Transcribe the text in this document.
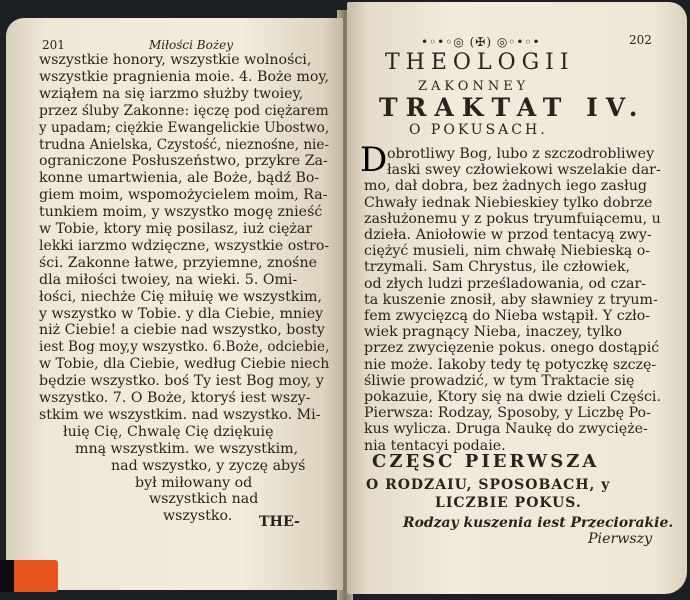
201	Miłości Bożey
wszystkie honory, wszystkie wolności,
wszystkie pragnienia moie. 4. Boże moy,
wziąłem na się iarzmo służby twoiey,
przez śluby Zakonne: ięczę pod ciężarem
y upadam; ciężkie Ewangelickie Ubostwo,
trudna Anielska, Czystość, nieznośne, nie-
ograniczone Posłuszeństwo, przykre Za-
konne umartwienia, ale Boże, bądź Bo-
giem moim, wspomożycielem moim, Ra-
tunkiem moim, y wszystko mogę znieść
w Tobie, ktory mię posilasz, iuż ciężar
lekki iarzmo wdzięczne, wszystkie ostro-
ści. Zakonne łatwe, przyiemne, znośne
dla miłości twoiey, na wieki. 5. Omi-
łości, niechże Cię miłuię we wszystkim,
y wszystko w Tobie. y dla Ciebie, mniey
niż Ciebie! a ciebie nad wszystko, bosty
iest Bog moy,y wszystko. 6.Boże, odciebie,
w Tobie, dla Ciebie, według Ciebie niech
będzie wszystko. boś Ty iest Bog moy, y
wszystko. 7. O Boże, ktoryś iest wszy-
stkim we wszystkim. nad wszystko. Mi-
łuię Cię, Chwalę Cię dziękuię
mną wszystkim. we wszystkim,
nad wszystko, y zyczę abyś
był miłowany od
wszystkich nad
wszystko. THE-
•◦•◦◎ (✠) ◎◦•◦•	202
THEOLOGII
ZAKONNEY
TRAKTAT IV.
O POKUSACH.
obrotliwy Bog, lubo z szczodrobliwey
łaski swey człowiekowi wszelakie dar-
mo, dał dobra, bez żadnych iego zasług
Chwały iednak Niebieskiey tylko dobrze
zasłużonemu y z pokus tryumfuiącemu, u
dzieła. Aniołowie w przod tentacyą zwy-
ciężyć musieli, nim chwałę Niebieską o-
trzymali. Sam Chrystus, ile człowiek,
od złych ludzi prześladowania, od czar-
ta kuszenie znosił, aby sławniey z tryum-
fem zwycięzcą do Nieba wstąpił. Y czło-
wiek pragnący Nieba, inaczey, tylko
przez zwycięzenie pokus. onego dostąpić
nie może. Iakoby tedy tę potyczkę szczę-
śliwie prowadzić, w tym Traktacie się
pokazuie, Ktory się na dwie dzieli Części.
Pierwsza: Rodzay, Sposoby, y Liczbę Po-
kus wylicza. Druga Naukę do zwycięże-
nia tentacyi podaie.
CZĘSC PIERWSZA
O RODZAIU, SPOSOBACH, y
LICZBIE POKUS.
Rodzay kuszenia iest Przeciorakie.
Pierwszy
D
